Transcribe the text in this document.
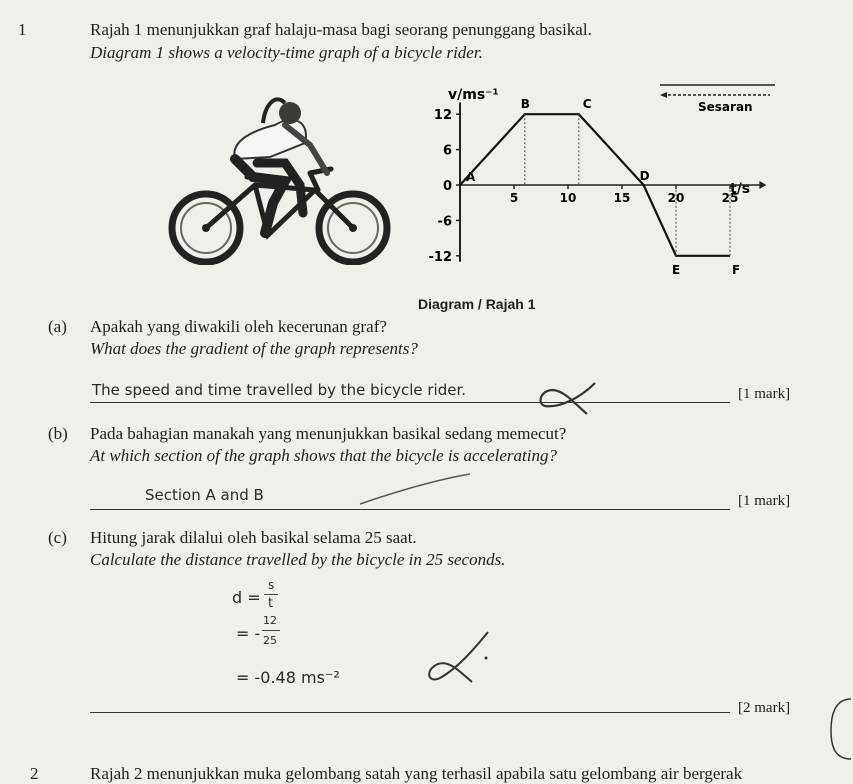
1	Rajah 1 menunjukkan graf halaju-masa bagi seorang penunggang basikal.
Diagram 1 shows a velocity-time graph of a bicycle rider.
Sesaran
v/ms⁻¹
t/s
12
6
0
-6
-12
5	10	15	20	25
A
B	C
D
E	F
Diagram / Rajah 1
(a) Apakah yang diwakili oleh kecerunan graf?
What does the gradient of the graph represents?
The speed and time travelled by the bicycle rider.	[1 mark]
(b) Pada bahagian manakah yang menunjukkan basikal sedang memecut?
At which section of the graph shows that the bicycle is accelerating?
Section A and B	[1 mark]
(c) Hitung jarak dilalui oleh basikal selama 25 saat.
Calculate the distance travelled by the bicycle in 25 seconds.
d =
s
t
= -
12
25
= -0.48 ms⁻²
[2 mark]
2	Rajah 2 menunjukkan muka gelombang satah yang terhasil apabila satu gelombang air bergerak
